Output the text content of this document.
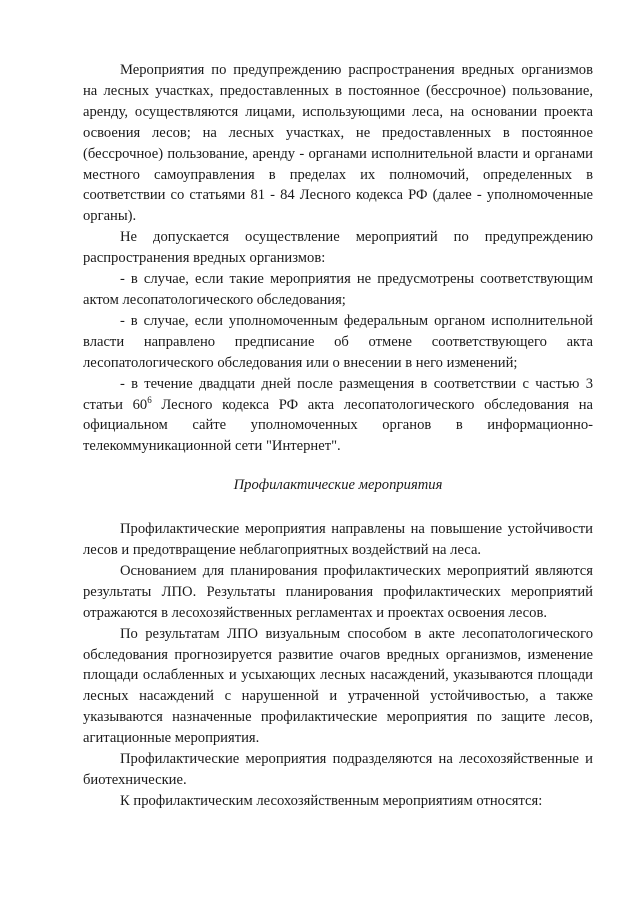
Мероприятия по предупреждению распространения вредных организмов на лесных участках, предоставленных в постоянное (бессрочное) пользование, аренду, осуществляются лицами, использующими леса, на основании проекта освоения лесов; на лесных участках, не предоставленных в постоянное (бессрочное) пользование, аренду - органами исполнительной власти и органами местного самоуправления в пределах их полномочий, определенных в соответствии со статьями 81 - 84 Лесного кодекса РФ (далее - уполномоченные органы).

Не допускается осуществление мероприятий по предупреждению распространения вредных организмов:

- в случае, если такие мероприятия не предусмотрены соответствующим актом лесопатологического обследования;

- в случае, если уполномоченным федеральным органом исполнительной власти направлено предписание об отмене соответствующего акта лесопатологического обследования или о внесении в него изменений;

- в течение двадцати дней после размещения в соответствии с частью 3 статьи $60^6$ Лесного кодекса РФ акта лесопатологического обследования на официальном сайте уполномоченных органов в информационно-телекоммуникационной сети "Интернет".

Профилактические мероприятия

Профилактические мероприятия направлены на повышение устойчивости лесов и предотвращение неблагоприятных воздействий на леса.

Основанием для планирования профилактических мероприятий являются результаты ЛПО. Результаты планирования профилактических мероприятий отражаются в лесохозяйственных регламентах и проектах освоения лесов.

По результатам ЛПО визуальным способом в акте лесопатологического обследования прогнозируется развитие очагов вредных организмов, изменение площади ослабленных и усыхающих лесных насаждений, указываются площади лесных насаждений с нарушенной и утраченной устойчивостью, а также указываются назначенные профилактические мероприятия по защите лесов, агитационные мероприятия.

Профилактические мероприятия подразделяются на лесохозяйственные и биотехнические.

К профилактическим лесохозяйственным мероприятиям относятся:
